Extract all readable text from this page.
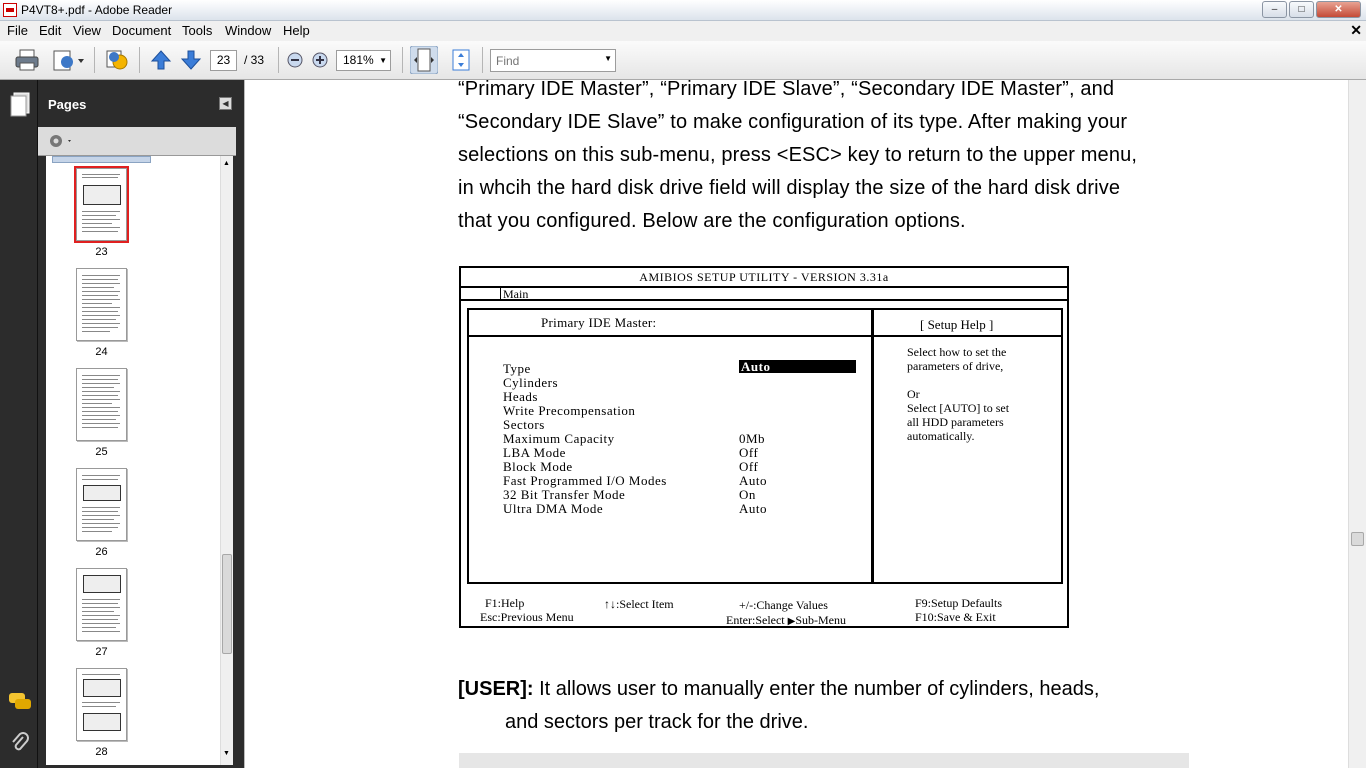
P4VT8+.pdf - Adobe Reader	–	□	✕
File Edit View Document Tools Window Help	✕
23	/ 33	181% ▼
Find	▼
Pages	◀
23
24
25
26
27
28
▲
▼
“Primary IDE Master”, “Primary IDE Slave”, “Secondary IDE Master”, and
“Secondary IDE Slave” to make configuration of its type. After making your
selections on this sub-menu, press <ESC> key to return to the upper menu,
in whcih the hard disk drive field will display the size of the hard disk drive
that you configured. Below are the configuration options.
AMIBIOS SETUP UTILITY - VERSION 3.31a
Main
Primary IDE Master:	[ Setup Help ]
Select how to set the
parameters of drive,
Or
Select [AUTO] to set
all HDD parameters
automatically.
Type	Auto
Cylinders
Heads
Write Precompensation
Sectors
Maximum Capacity	0Mb
LBA Mode	Off
Block Mode	Off
Fast Programmed I/O Modes	Auto
32 Bit Transfer Mode	On
Ultra DMA Mode	Auto
F1:Help
Esc:Previous Menu
↑↓:Select Item	+/-:Change Values
Enter:Select ▶Sub-Menu
F9:Setup Defaults
F10:Save & Exit
[USER]: It allows user to manually enter the number of cylinders, heads,
and sectors per track for the drive.
